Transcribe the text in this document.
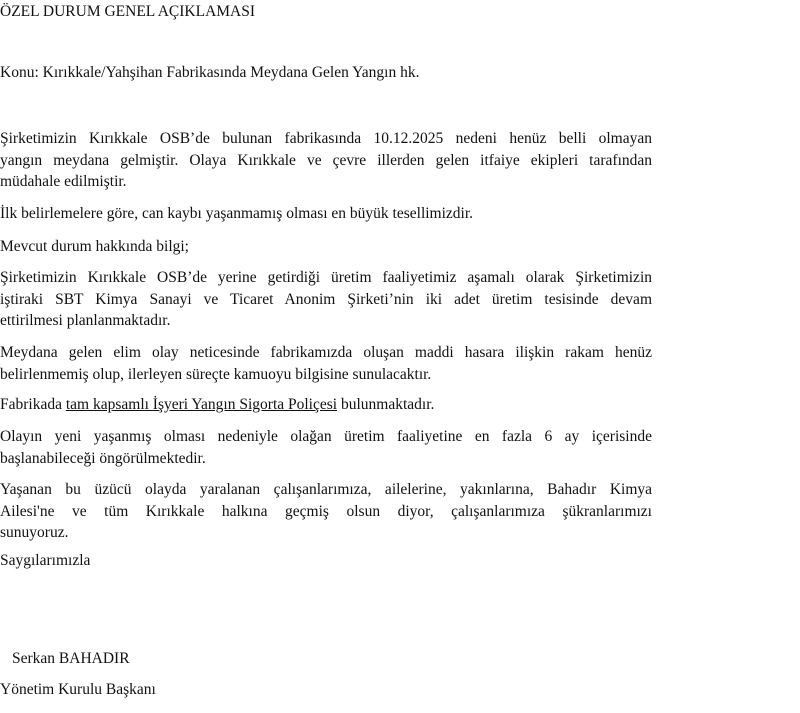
ÖZEL DURUM GENEL AÇIKLAMASI

Konu: Kırıkkale/Yahşihan Fabrikasında Meydana Gelen Yangın hk.

Şirketimizin Kırıkkale OSB’de bulunan fabrikasında 10.12.2025 nedeni henüz belli olmayan
yangın meydana gelmiştir. Olaya Kırıkkale ve çevre illerden gelen itfaiye ekipleri tarafından
müdahale edilmiştir.
İlk belirlemelere göre, can kaybı yaşanmamış olması en büyük tesellimizdir.
Mevcut durum hakkında bilgi;
Şirketimizin Kırıkkale OSB’de yerine getirdiği üretim faaliyetimiz aşamalı olarak Şirketimizin
iştiraki SBT Kimya Sanayi ve Ticaret Anonim Şirketi’nin iki adet üretim tesisinde devam
ettirilmesi planlanmaktadır.
Meydana gelen elim olay neticesinde fabrikamızda oluşan maddi hasara ilişkin rakam henüz
belirlenmemiş olup, ilerleyen süreçte kamuoyu bilgisine sunulacaktır.
Fabrikada tam kapsamlı İşyeri Yangın Sigorta Poliçesi bulunmaktadır.
Olayın yeni yaşanmış olması nedeniyle olağan üretim faaliyetine en fazla 6 ay içerisinde
başlanabileceği öngörülmektedir.
Yaşanan bu üzücü olayda yaralanan çalışanlarımıza, ailelerine, yakınlarına, Bahadır Kimya
Ailesi'ne ve tüm Kırıkkale halkına geçmiş olsun diyor, çalışanlarımıza şükranlarımızı
sunuyoruz.

Saygılarımızla

Serkan BAHADIR

Yönetim Kurulu Başkanı
